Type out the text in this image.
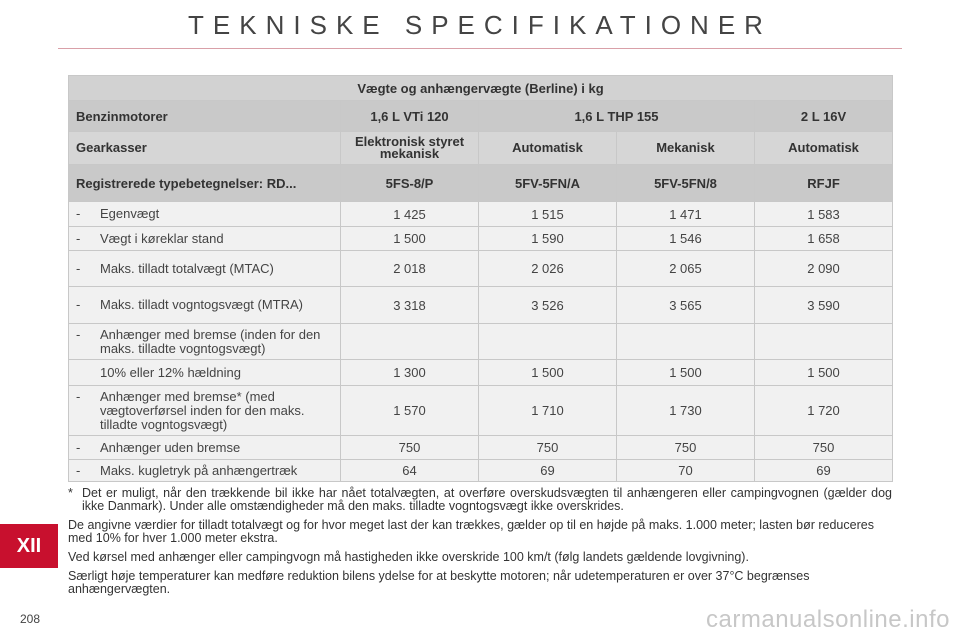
TEKNISKE SPECIFIKATIONER
Vægte og anhængervægte (Berline) i kg				
Benzinmotorer	1,6 L VTi 120	1,6 L THP 155		2 L 16V
Gearkasser	Elektronisk styret mekanisk	Automatisk	Mekanisk	Automatisk
Registrerede typebetegnelser: RD...	5FS-8/P	5FV-5FN/A	5FV-5FN/8	RFJF

- Egenvægt	1 425	1 515	1 471	1 583

- Vægt i køreklar stand	1 500	1 590	1 546	1 658

- Maks. tilladt totalvægt (MTAC)	2 018	2 026	2 065	2 090

- Maks. tilladt vogntogsvægt (MTRA)	3 318	3 526	3 565	3 590

- Anhænger med bremse (inden for den maks. tilladte vogntogsvægt)				

10% eller 12% hældning	1 300	1 500	1 500	1 500

- Anhænger med bremse* (med vægtoverførsel inden for den maks. tilladte vogntogsvægt)	1 570	1 710	1 730	1 720

- Anhænger uden bremse	750	750	750	750

- Maks. kugletryk på anhængertræk	64	69	70	69

* Det er muligt, når den trækkende bil ikke har nået totalvægten, at overføre overskudsvægten til anhængeren eller campingvognen (gælder dog ikke Danmark). Under alle omstændigheder må den maks. tilladte vogntogsvægt ikke overskrides.

De angivne værdier for tilladt totalvægt og for hvor meget last der kan trækkes, gælder op til en højde på maks. 1.000 meter; lasten bør reduceres med 10% for hver 1.000 meter ekstra.

Ved kørsel med anhænger eller campingvogn må hastigheden ikke overskride 100 km/t (følg landets gældende lovgivning).

Særligt høje temperaturer kan medføre reduktion bilens ydelse for at beskytte motoren; når udetemperaturen er over 37°C begrænses anhængervægten.

XII
208	carmanualsonline.info
